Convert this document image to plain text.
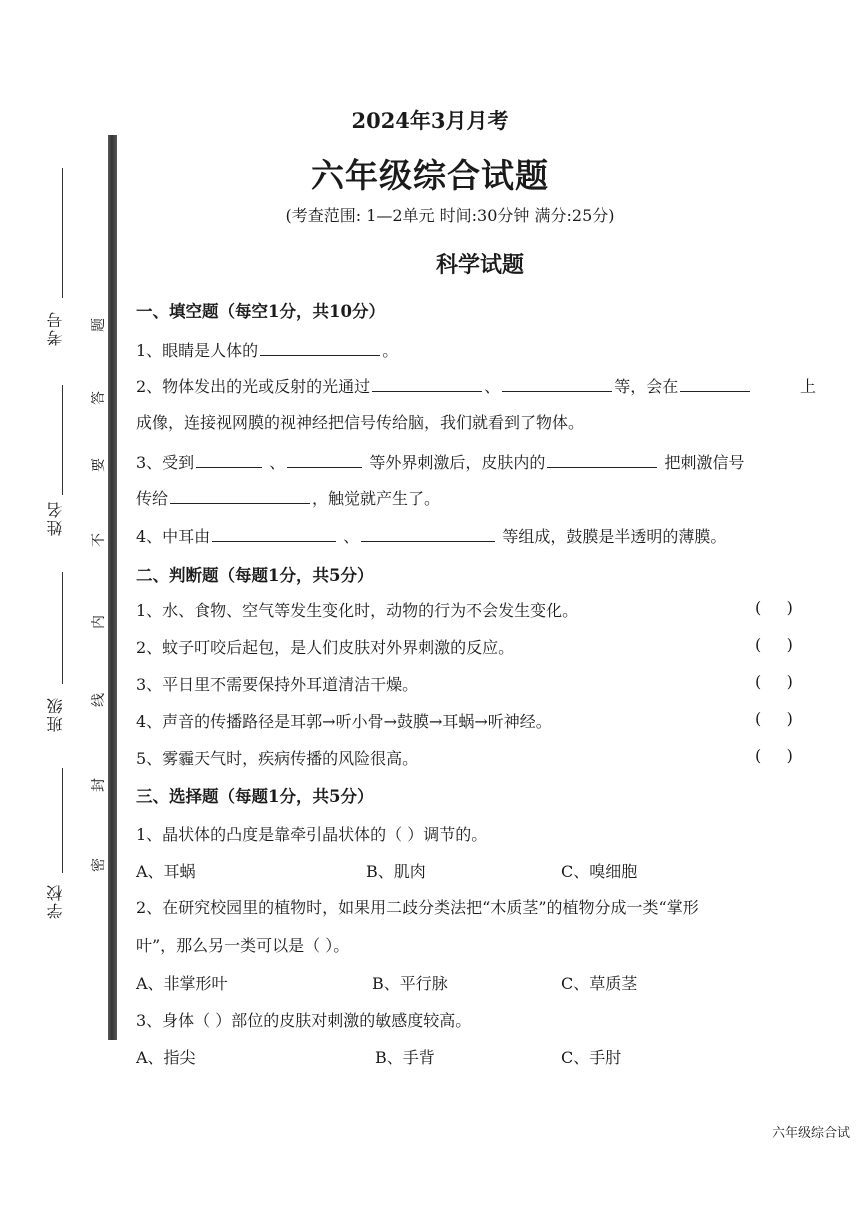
考号
姓名
班级
学校
题
答
要
不
内
线
封
密
2024年3月月考
六年级综合试题
(考查范围: 1—2单元 时间:30分钟 满分:25分)
科学试题
一、填空题（每空1分，共10分）
1、眼睛是人体的	。
2、物体发出的光或反射的光通过	、	等，会在	上
成像，连接视网膜的视神经把信号传给脑，我们就看到了物体。
3、受到	、	等外界刺激后，皮肤内的	把刺激信号
传给	，触觉就产生了。
4、中耳由	、	等组成，鼓膜是半透明的薄膜。
二、判断题（每题1分，共5分）
1、水、食物、空气等发生变化时，动物的行为不会发生变化。	(     )
2、蚊子叮咬后起包，是人们皮肤对外界刺激的反应。	(     )
3、平日里不需要保持外耳道清洁干燥。	(     )
4、声音的传播路径是耳郭→听小骨→鼓膜→耳蜗→听神经。	(     )
5、雾霾天气时，疾病传播的风险很高。	(     )
三、选择题（每题1分，共5分）
1、晶状体的凸度是靠牵引晶状体的（ ）调节的。
A、耳蜗	B、肌肉	C、嗅细胞
2、在研究校园里的植物时，如果用二歧分类法把“木质茎”的植物分成一类“掌形
叶”，那么另一类可以是（ ）。
A、非掌形叶	B、平行脉	C、草质茎
3、身体（ ）部位的皮肤对刺激的敏感度较高。
A、指尖	B、手背	C、手肘
六年级综合试
